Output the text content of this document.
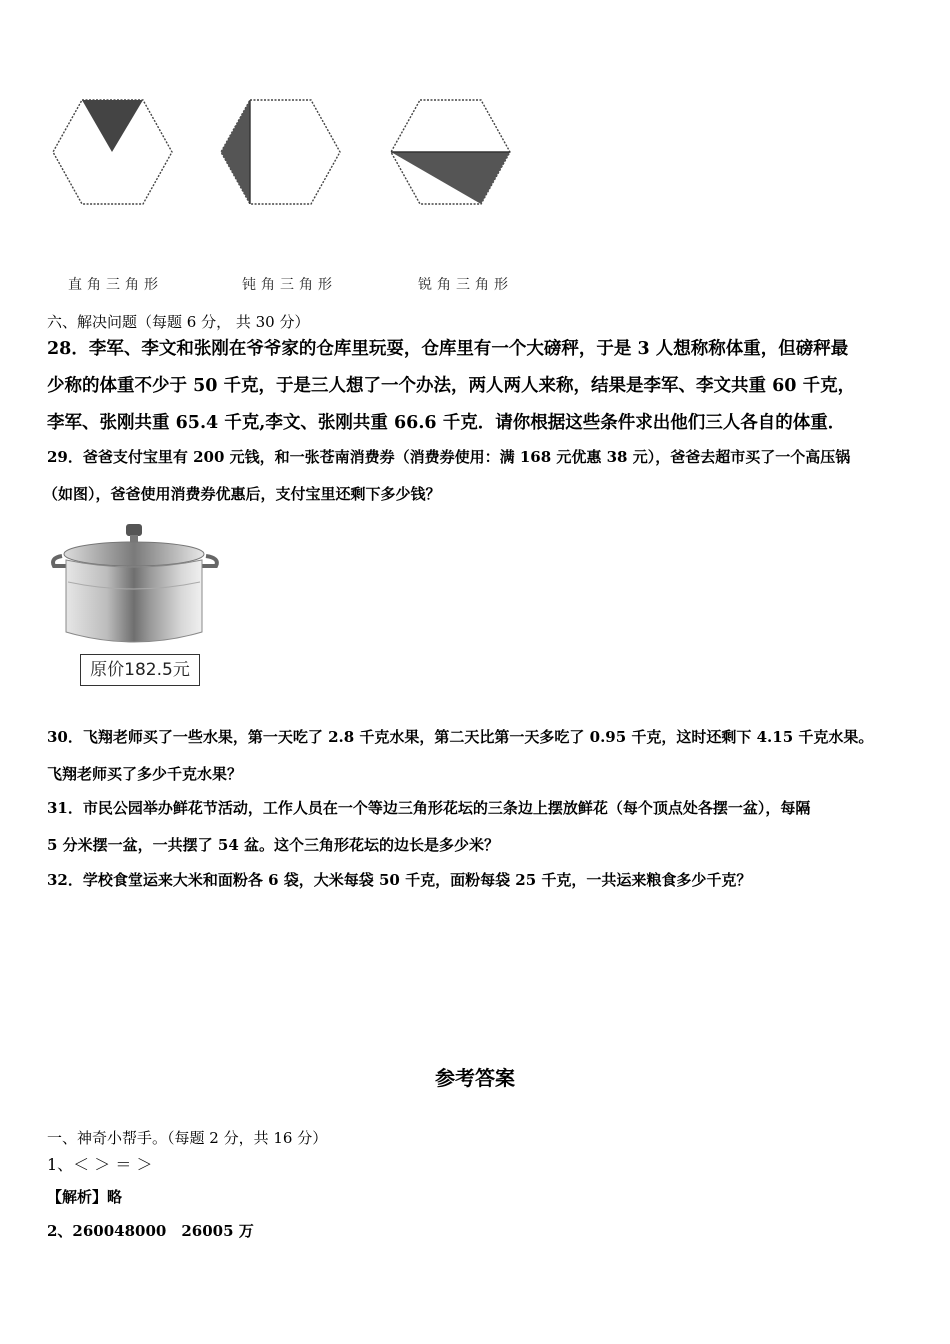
直角三角形	钝角三角形	锐角三角形
六、解决问题（每题 6 分， 共 30 分）
28．李军、李文和张刚在爷爷家的仓库里玩耍，仓库里有一个大磅秤，于是 3 人想称称体重，但磅秤最
少称的体重不少于 50 千克，于是三人想了一个办法，两人两人来称，结果是李军、李文共重 60 千克，
李军、张刚共重 65.4 千克,李文、张刚共重 66.6 千克．请你根据这些条件求出他们三人各自的体重．
29．爸爸支付宝里有 200 元钱，和一张苍南消费券（消费券使用：满 168 元优惠 38 元），爸爸去超市买了一个高压锅
（如图），爸爸使用消费券优惠后，支付宝里还剩下多少钱？
原价182.5元
30．飞翔老师买了一些水果，第一天吃了 2.8 千克水果，第二天比第一天多吃了 0.95 千克，这时还剩下 4.15 千克水果。
飞翔老师买了多少千克水果？
31．市民公园举办鲜花节活动，工作人员在一个等边三角形花坛的三条边上摆放鲜花（每个顶点处各摆一盆），每隔
5 分米摆一盆，一共摆了 54 盆。这个三角形花坛的边长是多少米？
32．学校食堂运来大米和面粉各 6 袋，大米每袋 50 千克，面粉每袋 25 千克，一共运来粮食多少千克？
参考答案
一、神奇小帮手。（每题 2 分，共 16 分）
1、＜ ＞ ＝ ＞
【解析】略
2、260048000　26005 万
